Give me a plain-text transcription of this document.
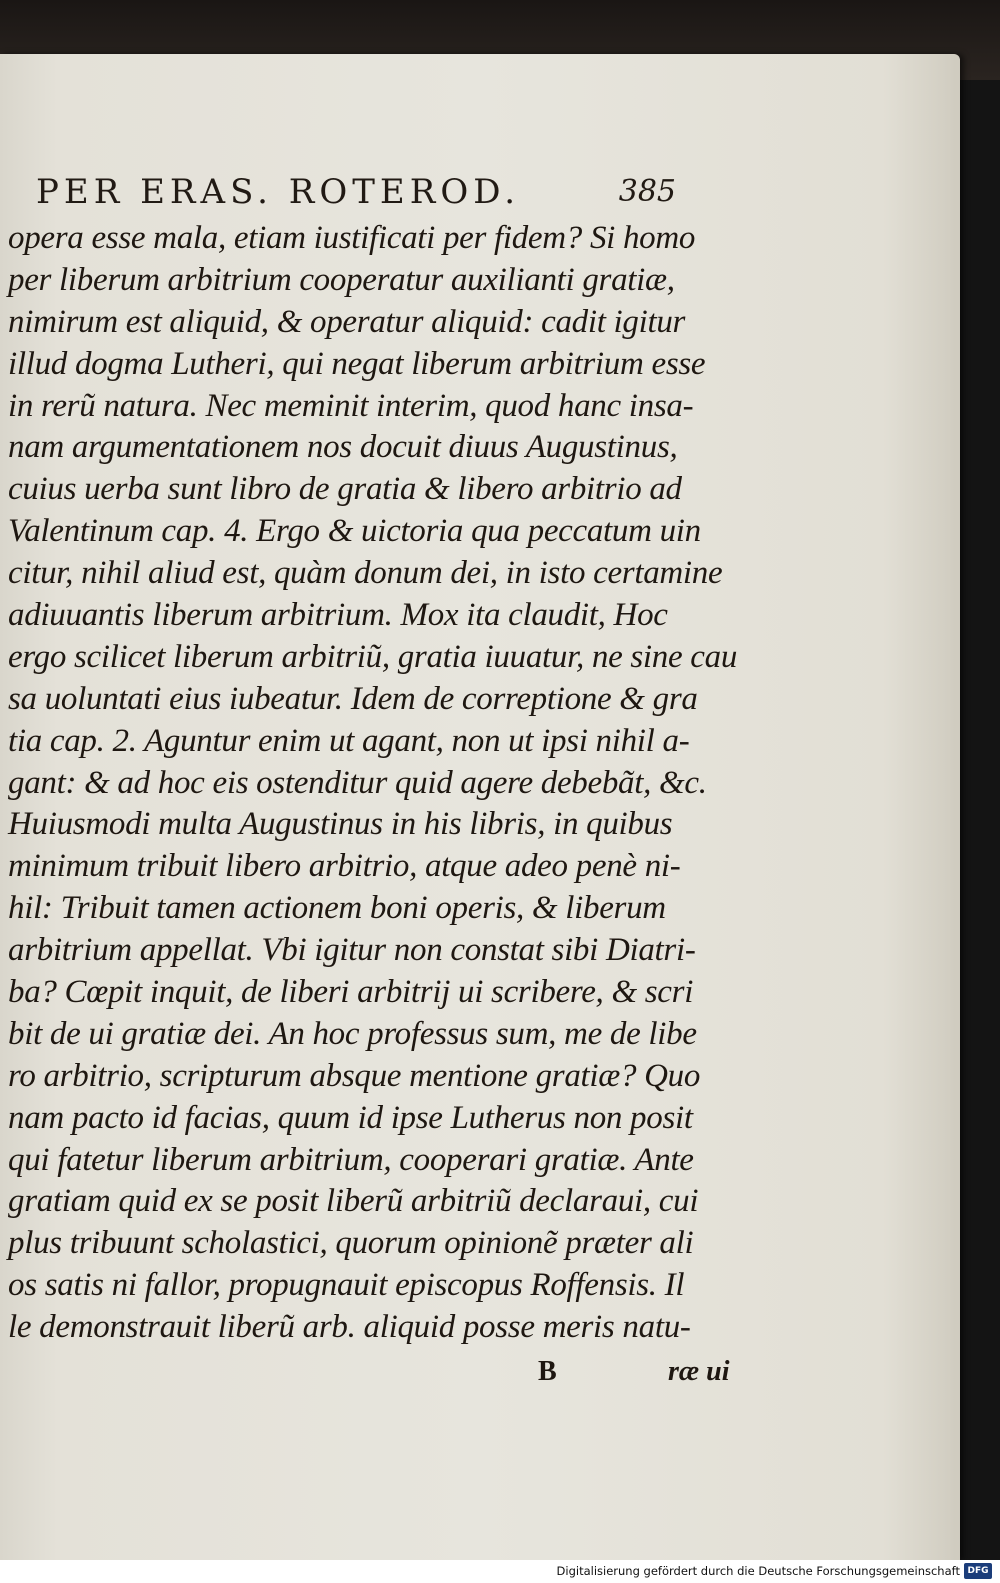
PER ERAS. ROTEROD.	385
opera esse mala, etiam iustificati per fidem? Si homo
per liberum arbitrium cooperatur auxilianti gratiæ,
nimirum est aliquid, & operatur aliquid: cadit igitur
illud dogma Lutheri, qui negat liberum arbitrium esse
in rerũ natura. Nec meminit interim, quod hanc insa-
nam argumentationem nos docuit diuus Augustinus,
cuius uerba sunt libro de gratia & libero arbitrio ad
Valentinum cap. 4. Ergo & uictoria qua peccatum uin
citur, nihil aliud est, quàm donum dei, in isto certamine
adiuuantis liberum arbitrium. Mox ita claudit, Hoc
ergo scilicet liberum arbitriũ, gratia iuuatur, ne sine cau
sa uoluntati eius iubeatur. Idem de correptione & gra
tia cap. 2. Aguntur enim ut agant, non ut ipsi nihil a-
gant: & ad hoc eis ostenditur quid agere debebãt, &c.
Huiusmodi multa Augustinus in his libris, in quibus
minimum tribuit libero arbitrio, atque adeo penè ni-
hil: Tribuit tamen actionem boni operis, & liberum
arbitrium appellat. Vbi igitur non constat sibi Diatri-
ba? Cœpit inquit, de liberi arbitrij ui scribere, & scri
bit de ui gratiæ dei. An hoc professus sum, me de libe
ro arbitrio, scripturum absque mentione gratiæ? Quo
nam pacto id facias, quum id ipse Lutherus non posit
qui fatetur liberum arbitrium, cooperari gratiæ. Ante
gratiam quid ex se posit liberũ arbitriũ declaraui, cui
plus tribuunt scholastici, quorum opinionẽ præter ali
os satis ni fallor, propugnauit episcopus Roffensis. Il
le demonstrauit liberũ arb. aliquid posse meris natu-
B	ræ ui
Digitalisierung gefördert durch die Deutsche Forschungsgemeinschaft DFG
